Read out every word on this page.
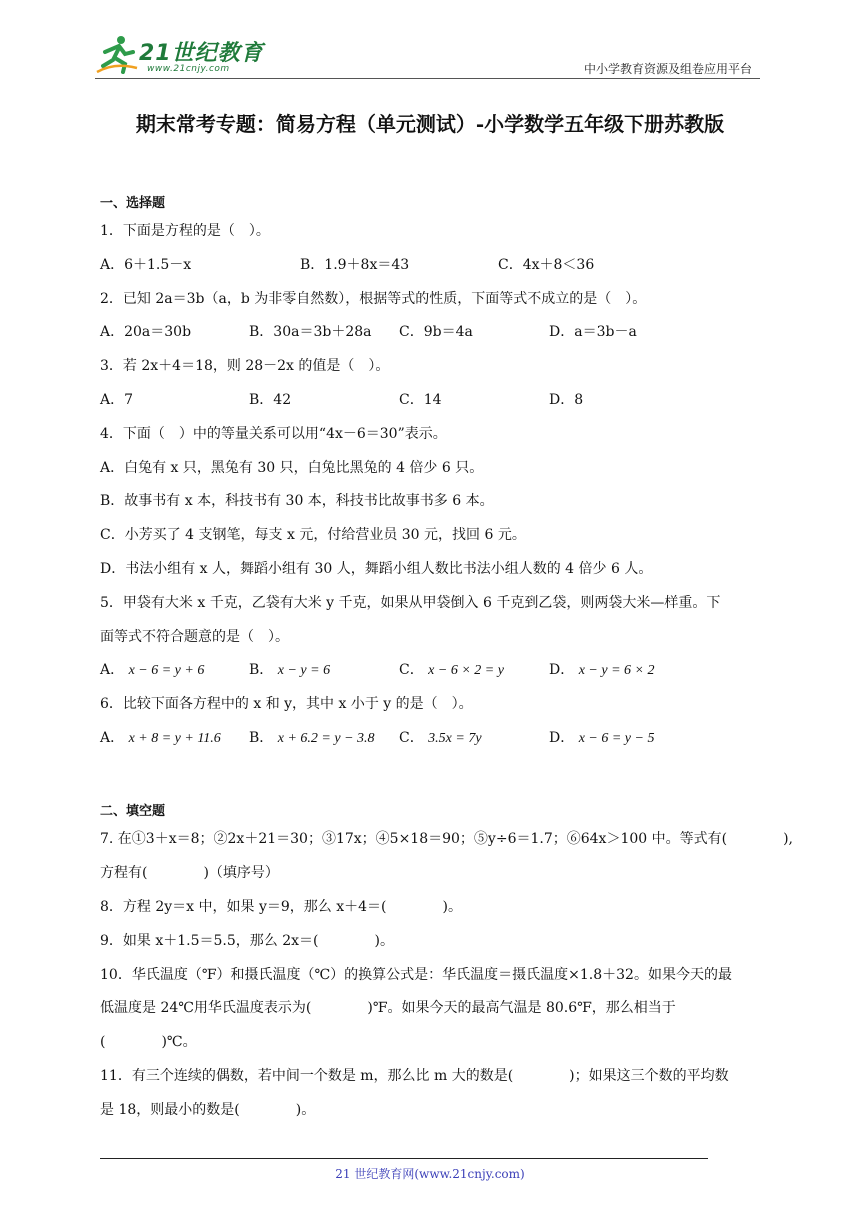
21世纪教育
www.21cnjy.com	中小学教育资源及组卷应用平台
期末常考专题：简易方程（单元测试）-小学数学五年级下册苏教版
一、选择题
1．下面是方程的是（　）。
A．6＋1.5－x	B．1.9＋8x＝43	C．4x＋8＜36
2．已知 2a＝3b（a，b 为非零自然数），根据等式的性质，下面等式不成立的是（　）。
A．20a＝30b	B．30a＝3b＋28a C．9b＝4a	D．a＝3b－a
3．若 2x＋4＝18，则 28－2x 的值是（　）。
A．7	B．42	C．14	D．8
4．下面（　）中的等量关系可以用“4x－6＝30”表示。
A．白兔有 x 只，黑兔有 30 只，白兔比黑兔的 4 倍少 6 只。
B．故事书有 x 本，科技书有 30 本，科技书比故事书多 6 本。
C．小芳买了 4 支钢笔，每支 x 元，付给营业员 30 元，找回 6 元。
D．书法小组有 x 人，舞蹈小组有 30 人，舞蹈小组人数比书法小组人数的 4 倍少 6 人。
5．甲袋有大米 x 千克，乙袋有大米 y 千克，如果从甲袋倒入 6 千克到乙袋，则两袋大米—样重。下
面等式不符合题意的是（　）。
A． x − 6 = y + 6	B． x − y = 6	C． x − 6 × 2 = y	D． x − y = 6 × 2
6．比较下面各方程中的 x 和 y，其中 x 小于 y 的是（　）。
A． x + 8 = y + 11.6 B． x + 6.2 = y − 3.8 C． 3.5x = 7y	D． x − 6 = y − 5
二、填空题
7. 在①3＋x＝8；②2x＋21＝30；③17x；④5×18＝90；⑤y÷6＝1.7；⑥64x＞100 中。等式有(　　　　),
方程有(　　　　)（填序号）
8．方程 2y＝x 中，如果 y＝9，那么 x＋4＝(　　　　)。
9．如果 x＋1.5＝5.5，那么 2x＝(　　　　)。
10．华氏温度（℉）和摄氏温度（℃）的换算公式是：华氏温度＝摄氏温度×1.8＋32。如果今天的最
低温度是 24℃用华氏温度表示为(　　　　)℉。如果今天的最高气温是 80.6℉，那么相当于
(　　　　)℃。
11．有三个连续的偶数，若中间一个数是 m，那么比 m 大的数是(　　　　)；如果这三个数的平均数
是 18，则最小的数是(　　　　)。
21 世纪教育网(www.21cnjy.com)
